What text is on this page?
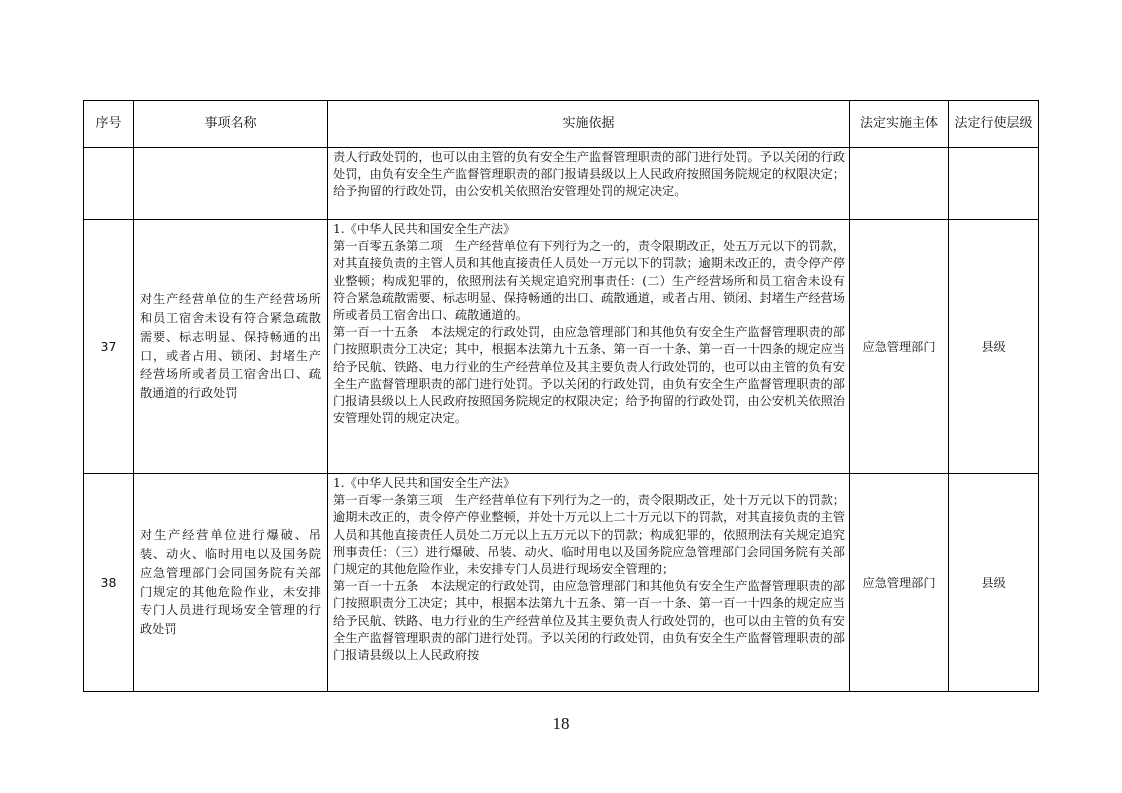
序号	事项名称	实施依据	法定实施主体	法定行使层级

		责人行政处罚的，也可以由主管的负有安全生产监督管理职责的部门进行处罚。予以关闭的行政处罚，由负有安全生产监督管理职责的部门报请县级以上人民政府按照国务院规定的权限决定；给予拘留的行政处罚，由公安机关依照治安管理处罚的规定决定。		

37	对生产经营单位的生产经营场所和员工宿舍未设有符合紧急疏散需要、标志明显、保持畅通的出口，或者占用、锁闭、封堵生产经营场所或者员工宿舍出口、疏散通道的行政处罚	1.《中华人民共和国安全生产法》

第一百零五条第二项　生产经营单位有下列行为之一的，责令限期改正，处五万元以下的罚款，对其直接负责的主管人员和其他直接责任人员处一万元以下的罚款；逾期未改正的，责令停产停业整顿；构成犯罪的，依照刑法有关规定追究刑事责任：(二）生产经营场所和员工宿舍未设有符合紧急疏散需要、标志明显、保持畅通的出口、疏散通道，或者占用、锁闭、封堵生产经营场所或者员工宿舍出口、疏散通道的。

第一百一十五条　本法规定的行政处罚，由应急管理部门和其他负有安全生产监督管理职责的部门按照职责分工决定；其中，根据本法第九十五条、第一百一十条、第一百一十四条的规定应当给予民航、铁路、电力行业的生产经营单位及其主要负责人行政处罚的，也可以由主管的负有安全生产监督管理职责的部门进行处罚。予以关闭的行政处罚，由负有安全生产监督管理职责的部门报请县级以上人民政府按照国务院规定的权限决定；给予拘留的行政处罚，由公安机关依照治安管理处罚的规定决定。	应急管理部门	县级
38	对生产经营单位进行爆破、吊装、动火、临时用电以及国务院应急管理部门会同国务院有关部门规定的其他危险作业，未安排专门人员进行现场安全管理的行政处罚	1.《中华人民共和国安全生产法》

第一百零一条第三项　生产经营单位有下列行为之一的，责令限期改正，处十万元以下的罚款；逾期未改正的，责令停产停业整顿，并处十万元以上二十万元以下的罚款，对其直接负责的主管人员和其他直接责任人员处二万元以上五万元以下的罚款；构成犯罪的，依照刑法有关规定追究刑事责任：（三）进行爆破、吊装、动火、临时用电以及国务院应急管理部门会同国务院有关部门规定的其他危险作业，未安排专门人员进行现场安全管理的；

第一百一十五条　本法规定的行政处罚，由应急管理部门和其他负有安全生产监督管理职责的部门按照职责分工决定；其中，根据本法第九十五条、第一百一十条、第一百一十四条的规定应当给予民航、铁路、电力行业的生产经营单位及其主要负责人行政处罚的，也可以由主管的负有安全生产监督管理职责的部门进行处罚。予以关闭的行政处罚，由负有安全生产监督管理职责的部门报请县级以上人民政府按	应急管理部门	县级
18
